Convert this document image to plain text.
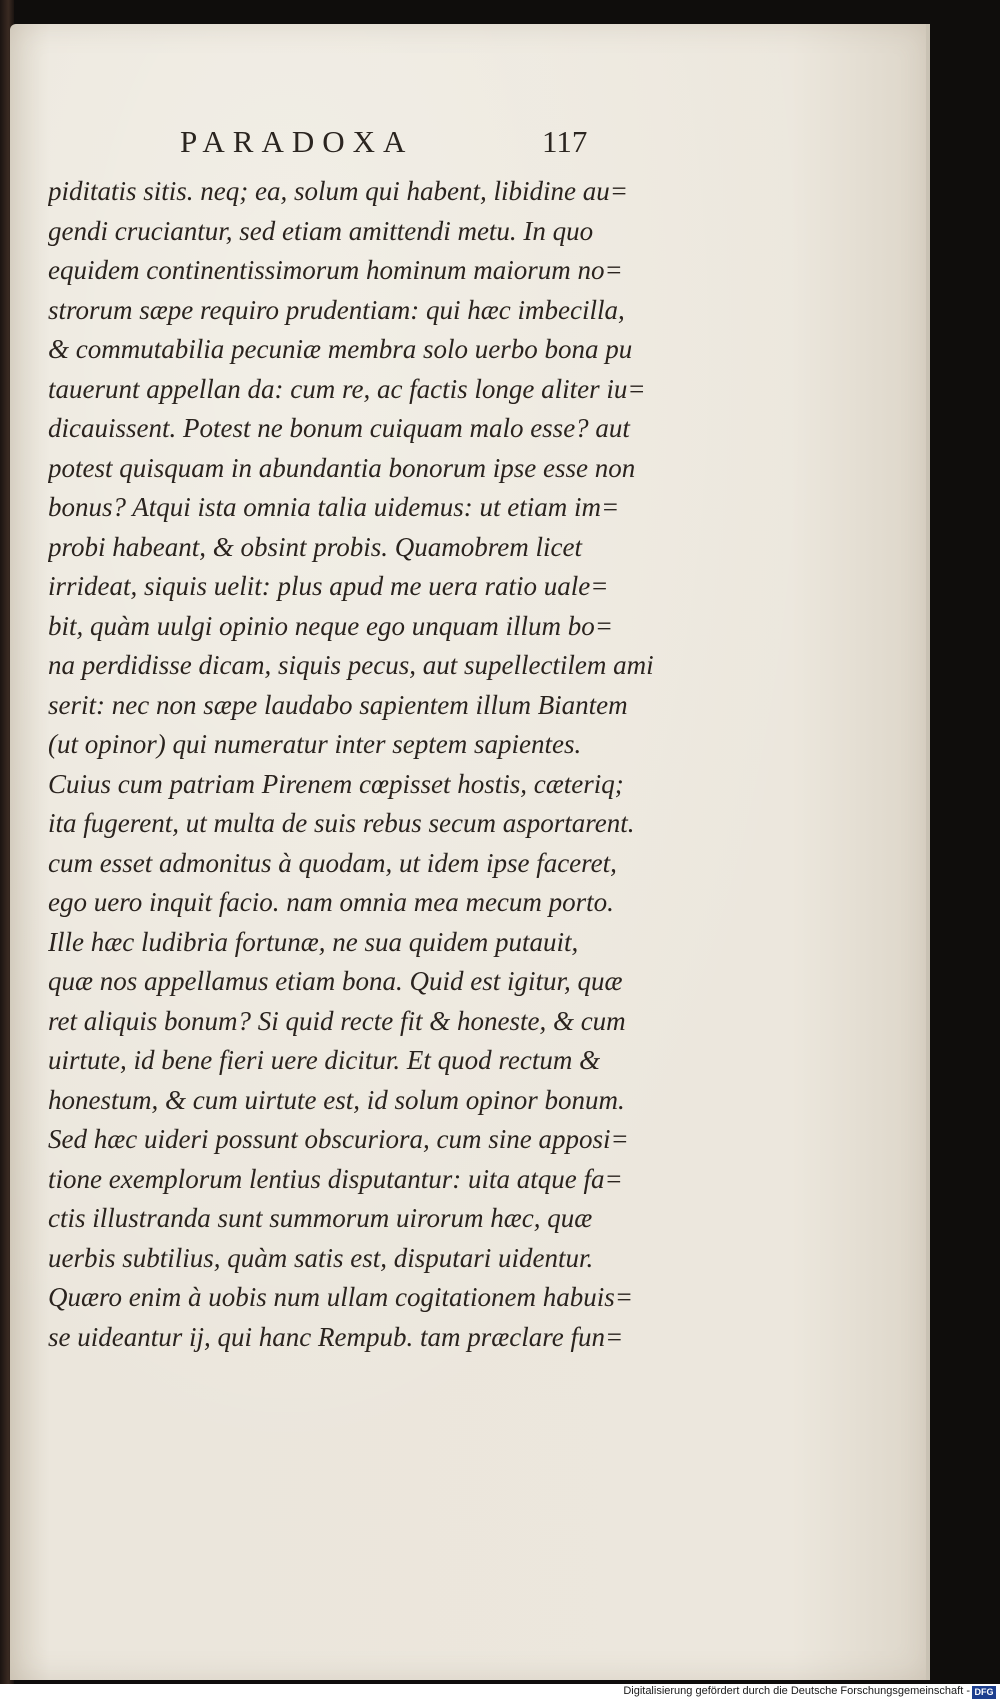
PARADOXA	117
piditatis sitis. neq; ea, solum qui habent, libidine au=
gendi cruciantur, sed etiam amittendi metu. In quo
equidem continentissimorum hominum maiorum no=
strorum sæpe requiro prudentiam: qui hæc imbecilla,
& commutabilia pecuniæ membra solo uerbo bona pu
tauerunt appellan da: cum re, ac factis longe aliter iu=
dicauissent. Potest ne bonum cuiquam malo esse? aut
potest quisquam in abundantia bonorum ipse esse non
bonus? Atqui ista omnia talia uidemus: ut etiam im=
probi habeant, & obsint probis. Quamobrem licet
irrideat, siquis uelit: plus apud me uera ratio uale=
bit, quàm uulgi opinio neque ego unquam illum bo=
na perdidisse dicam, siquis pecus, aut supellectilem ami
serit: nec non sæpe laudabo sapientem illum Biantem
(ut opinor) qui numeratur inter septem sapientes.
Cuius cum patriam Pirenem cœpisset hostis, cæteriq;
ita fugerent, ut multa de suis rebus secum asportarent.
cum esset admonitus à quodam, ut idem ipse faceret,
ego uero inquit facio. nam omnia mea mecum porto.
Ille hæc ludibria fortunæ, ne sua quidem putauit,
quæ nos appellamus etiam bona. Quid est igitur, quæ
ret aliquis bonum? Si quid recte fit & honeste, & cum
uirtute, id bene fieri uere dicitur. Et quod rectum &
honestum, & cum uirtute est, id solum opinor bonum.
Sed hæc uideri possunt obscuriora, cum sine apposi=
tione exemplorum lentius disputantur: uita atque fa=
ctis illustranda sunt summorum uirorum hæc, quæ
uerbis subtilius, quàm satis est, disputari uidentur.
Quæro enim à uobis num ullam cogitationem habuis=
se uideantur ij, qui hanc Rempub. tam præclare fun=
Digitalisierung gefördert durch die Deutsche Forschungsgemeinschaft - DFG
